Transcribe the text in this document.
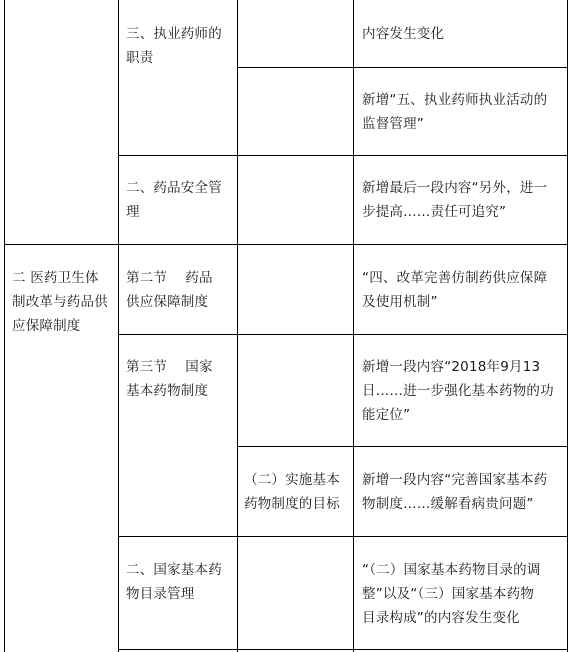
三、执业药师的
职责
内容发生变化
新增“五、执业药师执业活动的
监督管理”
二、药品安全管
理
新增最后一段内容“另外，进一
步提高……责任可追究”
二 医药卫生体
制改革与药品供
应保障制度
第二节　 药品
供应保障制度
“四、改革完善仿制药供应保障
及使用机制”
第三节　 国家
基本药物制度
新增一段内容“2018年9月13
日……进一步强化基本药物的功
能定位”
（二）实施基本
药物制度的目标
新增一段内容“完善国家基本药
物制度……缓解看病贵问题”
二、国家基本药
物目录管理
“（二）国家基本药物目录的调
整”以及“（三）国家基本药物
目录构成”的内容发生变化
